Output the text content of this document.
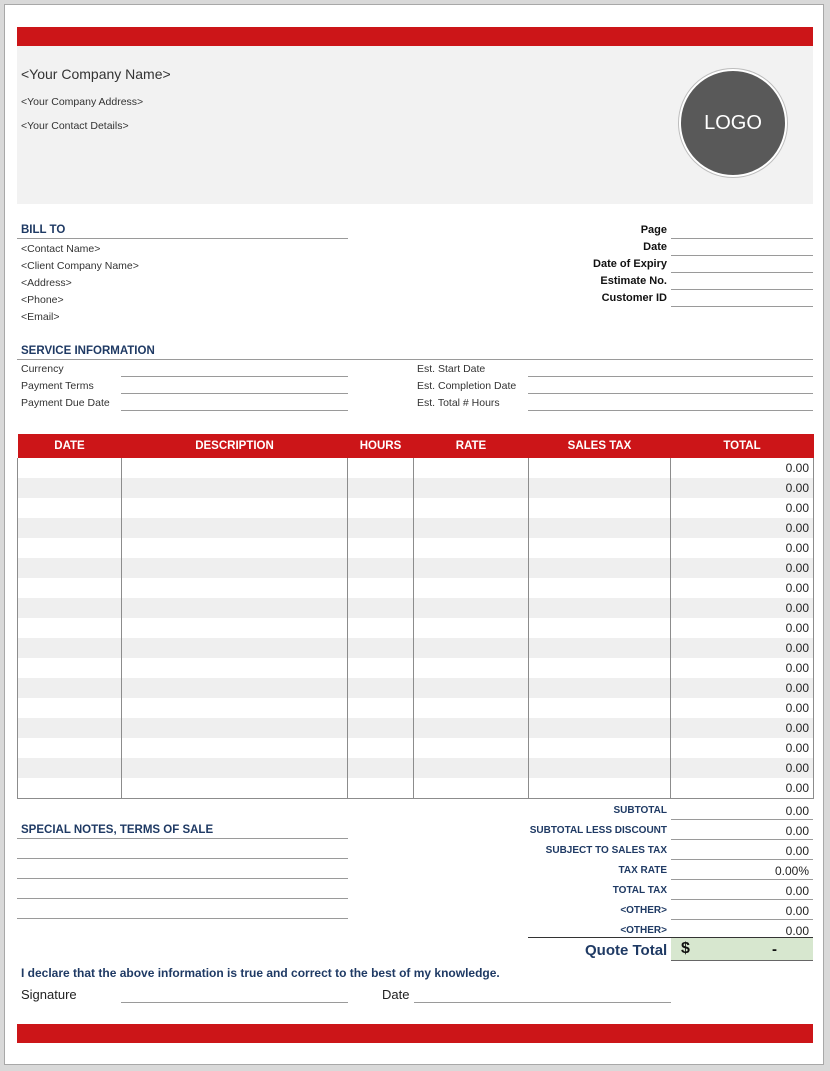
<Your Company Name>
<Your Company Address>
<Your Contact Details>	LOGO
BILL TO
<Contact Name>
<Client Company Name>
<Address>
<Phone>
<Email>
Page
Date
Date of Expiry
Estimate No.
Customer ID
SERVICE INFORMATION
Currency
Payment Terms
Payment Due Date
Est. Start Date
Est. Completion Date
Est. Total # Hours
DATE	DESCRIPTION	HOURS	RATE	SALES TAX	TOTAL
					0.00
					0.00
					0.00
					0.00
					0.00
					0.00
					0.00
					0.00
					0.00
					0.00
					0.00
					0.00
					0.00
					0.00
					0.00
					0.00
					0.00
SPECIAL NOTES, TERMS OF SALE
SUBTOTAL	0.00
SUBTOTAL LESS DISCOUNT	0.00
SUBJECT TO SALES TAX	0.00
TAX RATE	0.00%
TOTAL TAX	0.00
<OTHER>	0.00
<OTHER>	0.00
Quote Total $	-
I declare that the above information is true and correct to the best of my knowledge.
Signature	Date
